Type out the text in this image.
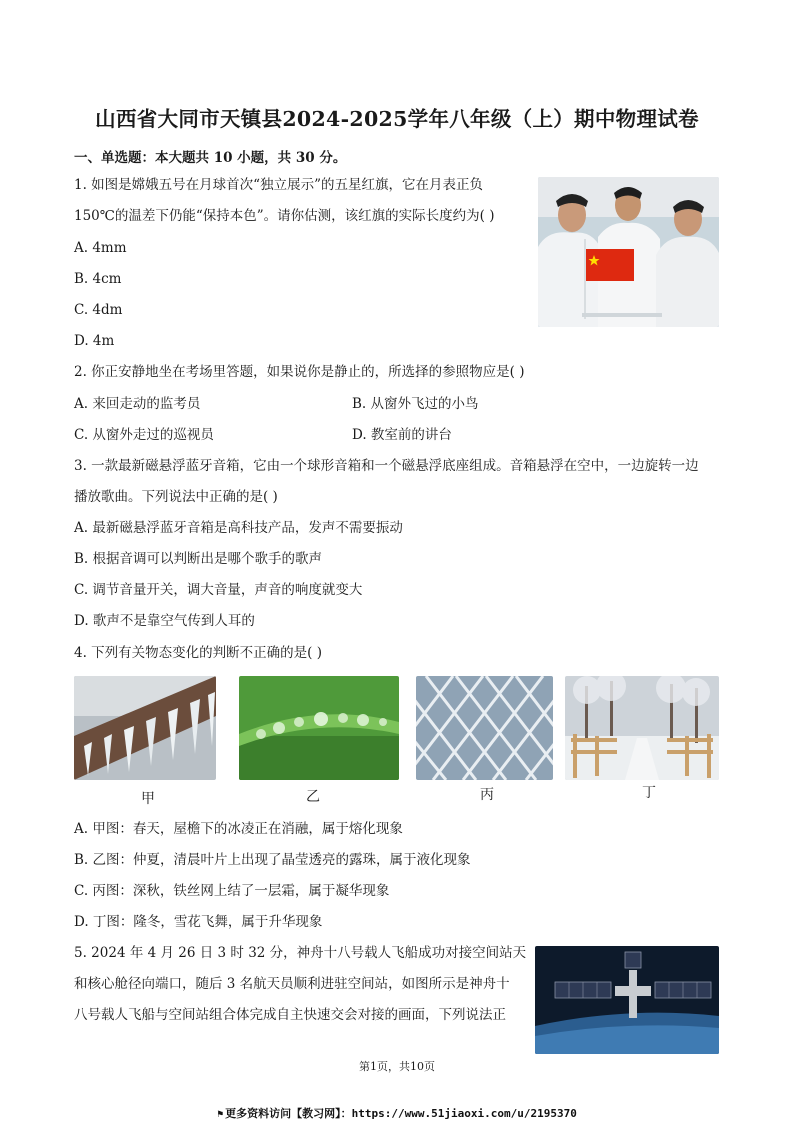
山西省大同市天镇县2024-2025学年八年级（上）期中物理试卷
一、单选题：本大题共 10 小题，共 30 分。
1. 如图是嫦娥五号在月球首次“独立展示”的五星红旗，它在月表正负
150℃的温差下仍能“保持本色”。请你估测，该红旗的实际长度约为( )
A. 4mm
B. 4cm
C. 4dm
D. 4m
2. 你正安静地坐在考场里答题，如果说你是静止的，所选择的参照物应是( )
A. 来回走动的监考员	B. 从窗外飞过的小鸟
C. 从窗外走过的巡视员	D. 教室前的讲台
3. 一款最新磁悬浮蓝牙音箱，它由一个球形音箱和一个磁悬浮底座组成。音箱悬浮在空中，一边旋转一边
播放歌曲。下列说法中正确的是( )
A. 最新磁悬浮蓝牙音箱是高科技产品，发声不需要振动
B. 根据音调可以判断出是哪个歌手的歌声
C. 调节音量开关，调大音量，声音的响度就变大
D. 歌声不是靠空气传到人耳的
4. 下列有关物态变化的判断不正确的是( )
甲	乙	丙	丁
A. 甲图：春天，屋檐下的冰凌正在消融，属于熔化现象
B. 乙图：仲夏，清晨叶片上出现了晶莹透亮的露珠，属于液化现象
C. 丙图：深秋，铁丝网上结了一层霜，属于凝华现象
D. 丁图：隆冬，雪花飞舞，属于升华现象
5. 2024 年 4 月 26 日 3 时 32 分，神舟十八号载人飞船成功对接空间站天
和核心舱径向端口，随后 3 名航天员顺利进驻空间站，如图所示是神舟十
八号载人飞船与空间站组合体完成自主快速交会对接的画面，下列说法正
第1页，共10页
⚑ 更多资料访问【教习网】：https://www.51jiaoxi.com/u/2195370
